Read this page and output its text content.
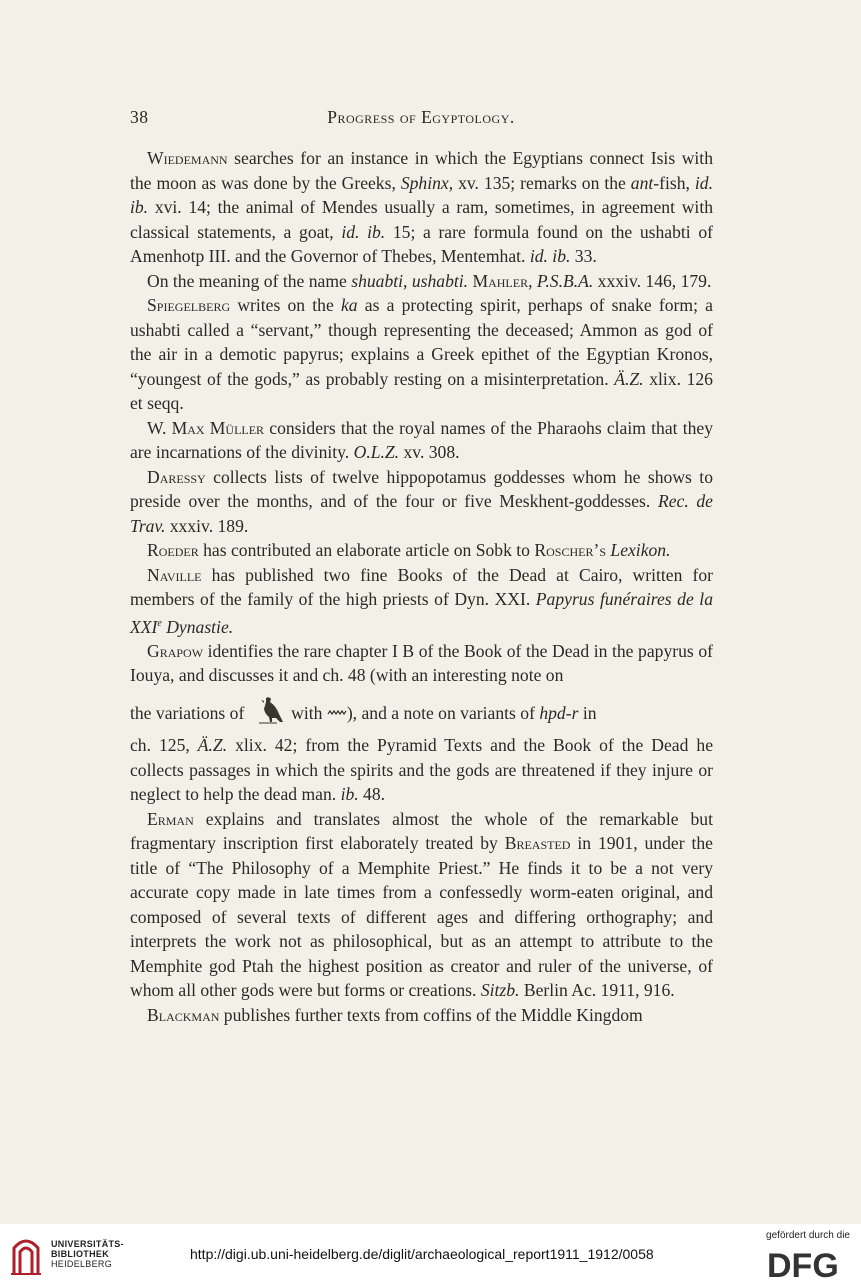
38	Progress of Egyptology.

Wiedemann searches for an instance in which the Egyptians connect Isis with the moon as was done by the Greeks, Sphinx, xv. 135; remarks on the ant-fish, id. ib. xvi. 14; the animal of Mendes usually a ram, sometimes, in agreement with classical statements, a goat, id. ib. 15; a rare formula found on the ushabti of Amenhotp III. and the Governor of Thebes, Mentemhat. id. ib. 33.

On the meaning of the name shuabti, ushabti. Mahler, P.S.B.A. xxxiv. 146, 179.

Spiegelberg writes on the ka as a protecting spirit, perhaps of snake form; a ushabti called a “servant,” though representing the deceased; Ammon as god of the air in a demotic papyrus; explains a Greek epithet of the Egyptian Kronos, “youngest of the gods,” as probably resting on a misinterpretation. Ä.Z. xlix. 126 et seqq.

W. Max Müller considers that the royal names of the Pharaohs claim that they are incarnations of the divinity. O.L.Z. xv. 308.

Daressy collects lists of twelve hippopotamus goddesses whom he shows to preside over the months, and of the four or five Meskhent-goddesses. Rec. de Trav. xxxiv. 189.

Roeder has contributed an elaborate article on Sobk to Roscher’s Lexikon.

Naville has published two fine Books of the Dead at Cairo, written for members of the family of the high priests of Dyn. XXI. Papyrus funéraires de la XXIe Dynastie.

Grapow identifies the rare chapter I B of the Book of the Dead in the papyrus of Iouya, and discusses it and ch. 48 (with an interesting note on
the variations of	with ), and a note on variants of hpd-r in
ch. 125, Ä.Z. xlix. 42; from the Pyramid Texts and the Book of the Dead he collects passages in which the spirits and the gods are threatened if they injure or neglect to help the dead man. ib. 48.

Erman explains and translates almost the whole of the remarkable but fragmentary inscription first elaborately treated by Breasted in 1901, under the title of “The Philosophy of a Memphite Priest.” He finds it to be a not very accurate copy made in late times from a confessedly worm-eaten original, and composed of several texts of different ages and differing orthography; and interprets the work not as philosophical, but as an attempt to attribute to the Memphite god Ptah the highest position as creator and ruler of the universe, of whom all other gods were but forms or creations. Sitzb. Berlin Ac. 1911, 916.

Blackman publishes further texts from coffins of the Middle Kingdom

UNIVERSITÄTS-
BIBLIOTHEK
HEIDELBERG
http://digi.ub.uni-heidelberg.de/diglit/archaeological_report1911_1912/0058
gefördert durch die
DFG
